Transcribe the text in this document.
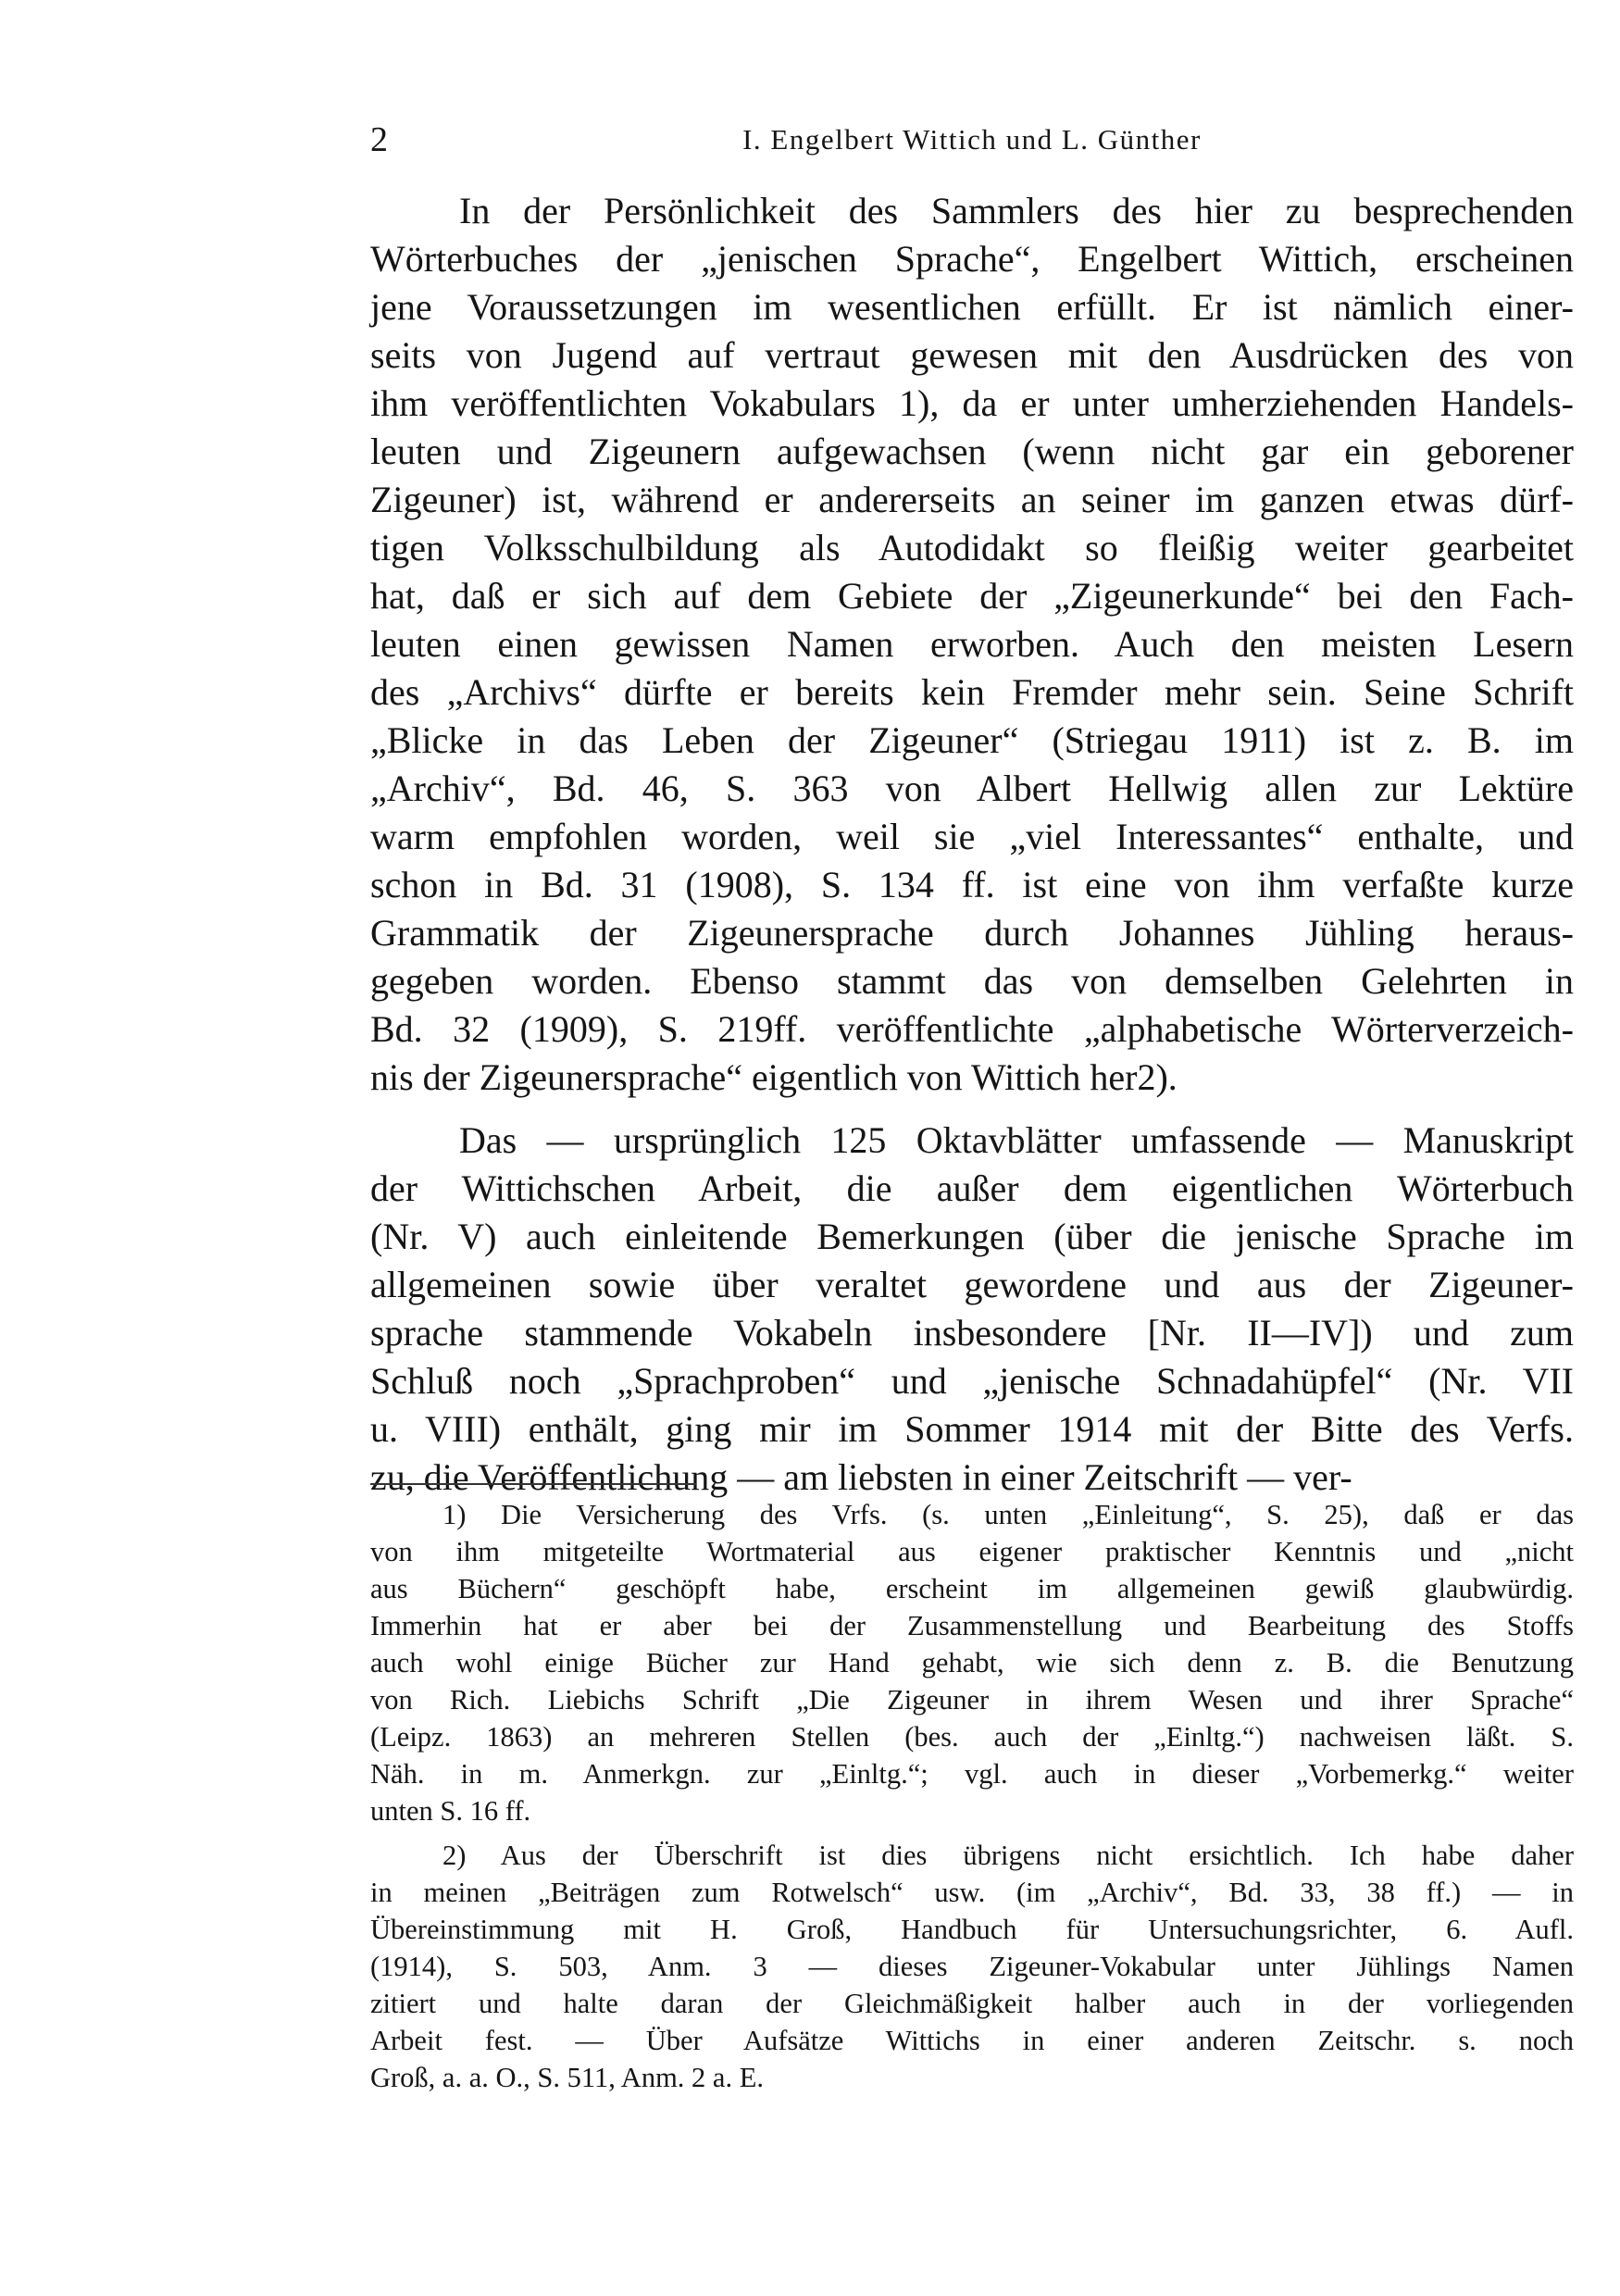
2	I. Engelbert Wittich und L. Günther
In der Persönlichkeit des Sammlers des hier zu besprechenden
Wörterbuches der „jenischen Sprache“, Engelbert Wittich, erscheinen
jene Voraussetzungen im wesentlichen erfüllt. Er ist nämlich einer-
seits von Jugend auf vertraut gewesen mit den Ausdrücken des von
ihm veröffentlichten Vokabulars 1), da er unter umherziehenden Handels-
leuten und Zigeunern aufgewachsen (wenn nicht gar ein geborener
Zigeuner) ist, während er andererseits an seiner im ganzen etwas dürf-
tigen Volksschulbildung als Autodidakt so fleißig weiter gearbeitet
hat, daß er sich auf dem Gebiete der „Zigeunerkunde“ bei den Fach-
leuten einen gewissen Namen erworben. Auch den meisten Lesern
des „Archivs“ dürfte er bereits kein Fremder mehr sein. Seine Schrift
„Blicke in das Leben der Zigeuner“ (Striegau 1911) ist z. B. im
„Archiv“, Bd. 46, S. 363 von Albert Hellwig allen zur Lektüre
warm empfohlen worden, weil sie „viel Interessantes“ enthalte, und
schon in Bd. 31 (1908), S. 134 ff. ist eine von ihm verfaßte kurze
Grammatik der Zigeunersprache durch Johannes Jühling heraus-
gegeben worden. Ebenso stammt das von demselben Gelehrten in
Bd. 32 (1909), S. 219ff. veröffentlichte „alphabetische Wörterverzeich-
nis der Zigeunersprache“ eigentlich von Wittich her2).
Das — ursprünglich 125 Oktavblätter umfassende — Manuskript
der Wittichschen Arbeit, die außer dem eigentlichen Wörterbuch
(Nr. V) auch einleitende Bemerkungen (über die jenische Sprache im
allgemeinen sowie über veraltet gewordene und aus der Zigeuner-
sprache stammende Vokabeln insbesondere [Nr. II—IV]) und zum
Schluß noch „Sprachproben“ und „jenische Schnadahüpfel“ (Nr. VII
u. VIII) enthält, ging mir im Sommer 1914 mit der Bitte des Verfs.
zu, die Veröffentlichung — am liebsten in einer Zeitschrift — ver-
1) Die Versicherung des Vrfs. (s. unten „Einleitung“, S. 25), daß er das
von ihm mitgeteilte Wortmaterial aus eigener praktischer Kenntnis und „nicht
aus Büchern“ geschöpft habe, erscheint im allgemeinen gewiß glaubwürdig.
Immerhin hat er aber bei der Zusammenstellung und Bearbeitung des Stoffs
auch wohl einige Bücher zur Hand gehabt, wie sich denn z. B. die Benutzung
von Rich. Liebichs Schrift „Die Zigeuner in ihrem Wesen und ihrer Sprache“
(Leipz. 1863) an mehreren Stellen (bes. auch der „Einltg.“) nachweisen läßt. S.
Näh. in m. Anmerkgn. zur „Einltg.“; vgl. auch in dieser „Vorbemerkg.“ weiter
unten S. 16 ff.
2) Aus der Überschrift ist dies übrigens nicht ersichtlich. Ich habe daher
in meinen „Beiträgen zum Rotwelsch“ usw. (im „Archiv“, Bd. 33, 38 ff.) — in
Übereinstimmung mit H. Groß, Handbuch für Untersuchungsrichter, 6. Aufl.
(1914), S. 503, Anm. 3 — dieses Zigeuner-Vokabular unter Jühlings Namen
zitiert und halte daran der Gleichmäßigkeit halber auch in der vorliegenden
Arbeit fest. — Über Aufsätze Wittichs in einer anderen Zeitschr. s. noch
Groß, a. a. O., S. 511, Anm. 2 a. E.
